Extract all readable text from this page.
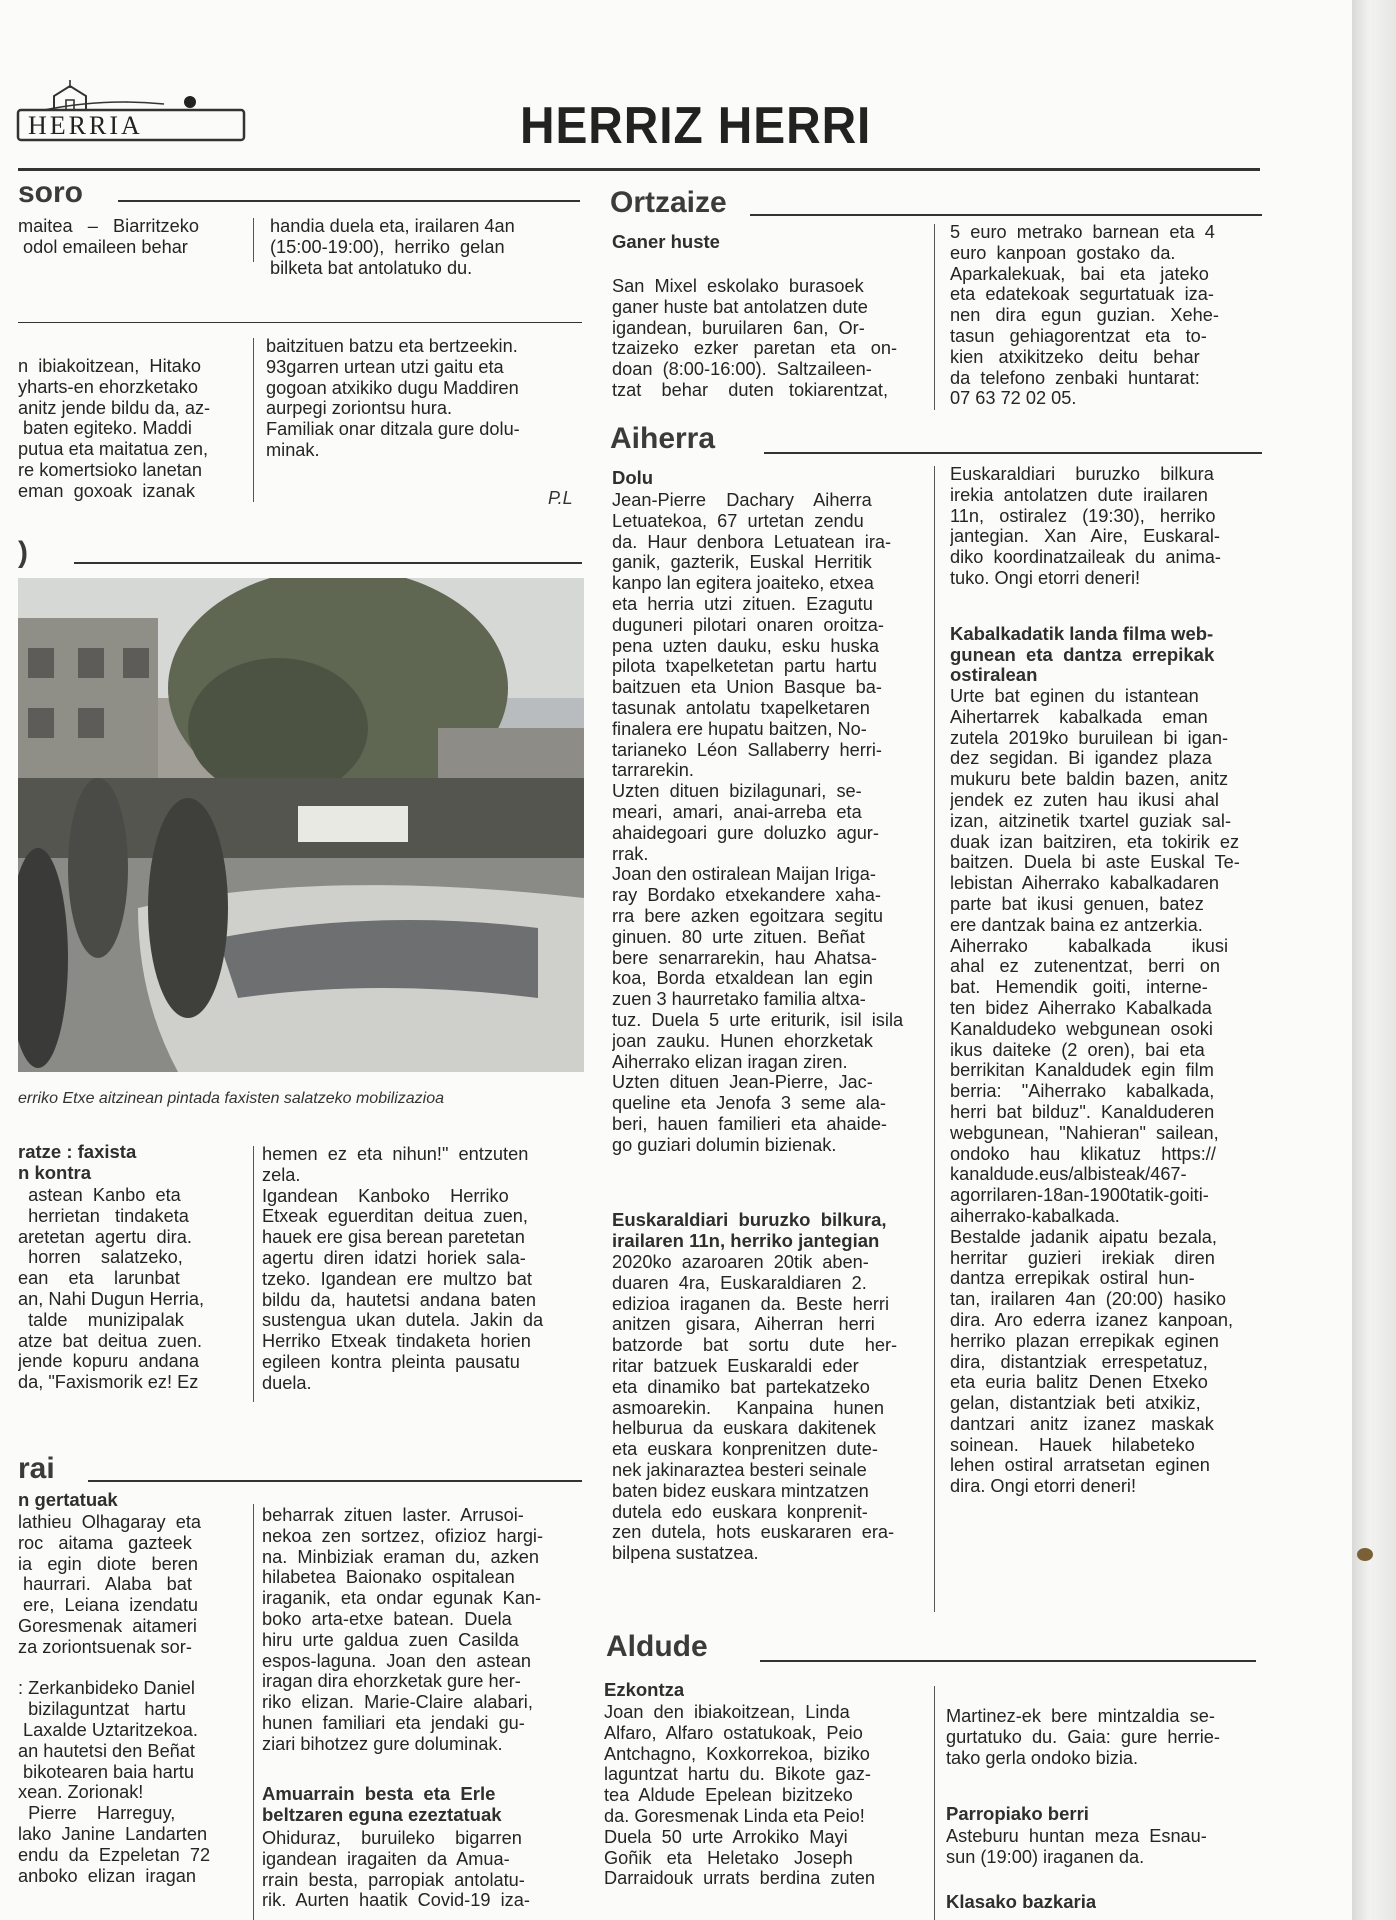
HERRIA	HERRIZ HERRI
soro
maitea   –   Biarritzeko
odol emaileen behar
handia duela eta, irailaren 4an
(15:00-19:00),  herriko  gelan
bilketa bat antolatuko du.
n  ibiakoitzean,  Hitako
yharts-en ehorzketako
anitz jende bildu da, az-
baten egiteko. Maddi
putua eta maitatua zen,
re komertsioko lanetan
eman  goxoak  izanak
baitzituen batzu eta bertzeekin.
93garren urtean utzi gaitu eta
gogoan atxikiko dugu Maddiren
aurpegi zoriontsu hura.
Familiak onar ditzala gure dolu-
minak.
P.L
)
erriko Etxe aitzinean pintada faxisten salatzeko mobilizazioa
ratze : faxista
n kontra
astean  Kanbo  eta
herrietan   tindaketa
aretetan  agertu  dira.
horren    salatzeko,
ean    eta    larunbat
an, Nahi Dugun Herria,
talde    munizipalak
atze  bat  deitua  zuen.
jende  kopuru  andana
da, "Faxismorik ez! Ez
hemen  ez  eta  nihun!"  entzuten
zela.
Igandean    Kanboko    Herriko
Etxeak  eguerditan  deitua  zuen,
hauek ere gisa berean paretetan
agertu  diren  idatzi  horiek  sala-
tzeko.  Igandean  ere  multzo  bat
bildu  da,  hautetsi  andana  baten
sustengua  ukan  dutela.  Jakin  da
Herriko  Etxeak  tindaketa  horien
egileen  kontra  pleinta  pausatu
duela.
rai
n gertatuak
lathieu  Olhagaray  eta
roc   aitama   gazteek
ia   egin   diote   beren
haurrari.   Alaba   bat
ere,  Leiana  izendatu
Goresmenak  aitameri
za zoriontsuenak sor-

: Zerkanbideko Daniel
bizilaguntzat   hartu
Laxalde Uztaritzekoa.
an hautetsi den Beñat
bikotearen baia hartu
xean. Zorionak!
Pierre    Harreguy,
lako  Janine  Landarten
endu  da  Ezpeletan  72
anboko  elizan  iragan
beharrak  zituen  laster.  Arrusoi-
nekoa  zen  sortzez,  ofizioz  hargi-
na.  Minbiziak  eraman  du,  azken
hilabetea  Baionako  ospitalean
iraganik,  eta  ondar  egunak  Kan-
boko  arta-etxe  batean.  Duela
hiru  urte  galdua  zuen  Casilda
espos-laguna.  Joan  den  astean
iragan dira ehorzketak gure her-
riko  elizan.  Marie-Claire  alabari,
hunen  familiari  eta  jendaki  gu-
ziari bihotzez gure doluminak.
Amuarrain  besta  eta  Erle
beltzaren eguna ezeztatuak
Ohiduraz,    buruileko    bigarren
igandean  iragaiten  da  Amua-
rrain  besta,  parropiak  antolatu-
rik.  Aurten  haatik  Covid-19  iza-
Ortzaize
Ganer huste
San  Mixel  eskolako  burasoek
ganer huste bat antolatzen dute
igandean,  buruilaren  6an,  Or-
tzaizeko   ezker   paretan   eta   on-
doan  (8:00-16:00).  Saltzaileen-
tzat    behar    duten   tokiarentzat,
5  euro  metrako  barnean  eta  4
euro  kanpoan  gostako  da.
Aparkalekuak,   bai   eta   jateko
eta  edatekoak  segurtatuak  iza-
nen   dira   egun   guzian.   Xehe-
tasun   gehiagorentzat   eta   to-
kien   atxikitzeko   deitu   behar
da  telefono  zenbaki  huntarat:
07 63 72 02 05.
Aiherra
Dolu
Jean-Pierre    Dachary    Aiherra
Letuatekoa,  67  urtetan  zendu
da.  Haur  denbora  Letuatean  ira-
ganik,  gazterik,  Euskal  Herritik
kanpo lan egitera joaiteko, etxea
eta  herria  utzi  zituen.  Ezagutu
dugunerі  pilotari  onaren  oroitza-
pena  uzten  dauku,  esku  huska
pilota  txapelketetan  partu  hartu
baitzuen  eta  Union  Basque  ba-
tasunak  antolatu  txapelketaren
finalera ere hupatu baitzen, No-
tarianeko  Léon  Sallaberry  herri-
tarrarekin.
Uzten  dituen  bizilagunari,  se-
meari,  amari,  anai-arreba  eta
ahaidegoari  gure  doluzko  agur-
rrak.
Joan den ostiralean Maijan Iriga-
ray  Bordako  etxekandere  xaha-
rra  bere  azken  egoitzara  segitu
ginuen.  80  urte  zituen.  Beñat
bere  senarrarekin,  hau  Ahatsa-
koa,  Borda  etxaldean  lan  egin
zuen 3 haurretako familia altxa-
tuz.  Duela  5  urte  eriturik,  isil  isila
joan  zauku.  Hunen  ehorzketak
Aiherrako elizan iragan ziren.
Uzten  dituen  Jean-Pierre,  Jac-
queline  eta  Jenofa  3  seme  ala-
beri,  hauen  familieri  eta  ahaide-
go guziari dolumin bizienak.
Euskaraldiari  buruzko  bilkura,
irailaren 11n, herriko jantegian
2020ko  azaroaren  20tik  aben-
duaren  4ra,  Euskaraldiaren  2.
edizioa  iraganen  da.  Beste  herri
anitzen   gisara,   Aiherran   herri
batzorde    bat    sortu    dute    her-
ritar  batzuek  Euskaraldi  eder
eta  dinamiko  bat  partekatzeko
asmoarekin.     Kanpaina    hunen
helburua  da  euskara  dakitenek
eta  euskara  konprenitzen  dute-
nek jakinarazteа besteri seinale
baten bidez euskara mintzatzen
dutela  edo  euskara  konprenit-
zen  dutela,  hots  euskararen  era-
bilpena sustatzea.
Euskaraldiari    buruzko    bilkura
irekia  antolatzen  dute  irailaren
11n,   ostiralez   (19:30),   herriko
jantegian.   Xan   Aire,   Euskaral-
diko  koordinatzaileak  du  anima-
tuko. Ongi etorri deneri!
Kabalkadatik landa filma web-
gunean  eta  dantza  errepikak
ostiralean
Urte  bat  eginen  du  istantean
Aihertarrek    kabalkada    eman
zutela  2019ko  buruilean  bi  igan-
dez  segidan.  Bi  igandez  plaza
mukuru  bete  baldin  bazen,  anitz
jendek  ez  zuten  hau  ikusi  ahal
izan,  aitzinetik  txartel  guziak  sal-
duak  izan  baitziren,  eta  tokirik  ez
baitzen.  Duela  bi  aste  Euskal  Te-
lebistan  Aiherrako  kabalkadaren
parte  bat  ikusi  genuen,  batez
ere dantzak baina ez antzerkia.
Aiherrako        kabalkada        ikusi
ahal   ez   zutenentzat,   berri   on
bat.   Hemendik   goiti,   interne-
ten  bidez  Aiherrako  Kabalkada
Kanaldudeko  webgunean  osoki
ikus  daiteke  (2  oren),  bai  eta
berrikitan  Kanaldudek  egin  film
berria:    "Aiherrako    kabalkada,
herri  bat  bilduz".  Kanalduderen
webgunean,  "Nahieran"  sailean,
ondoko    hau    klikatuz    https://
kanaldude.eus/albisteak/467-
agorrilaren-18an-1900tatik-goiti-
aiherrako-kabalkada.
Bestalde  jadanik  aipatu  bezala,
herritar    guzieri    irekiak    diren
dantza  errepikak  ostiral  hun-
tan,  irailaren  4an  (20:00)  hasiko
dira.  Aro  ederra  izanez  kanpoan,
herriko  plazan  errepikak  eginen
dira,   distantziak   errespetatuz,
eta  euria  balitz  Denen  Etxeko
gelan,  distantziak  beti  atxikiz,
dantzari   anitz   izanez   maskak
soinean.    Hauek    hilabeteko
lehen  ostiral  arratsetan  eginen
dira. Ongi etorri deneri!
Aldude
Ezkontza
Joan  den  ibiakoitzean,  Linda
Alfaro,  Alfaro  ostatukoak,  Peio
Antchagno,  Koxkorrekoa,  biziko
laguntzat  hartu  du.  Bikote  gaz-
tea  Aldude  Epelean  bizitzeko
da. Goresmenak Linda eta Peio!
Duela  50  urte  Arrokiko  Mayi
Goñik   eta   Heletako   Joseph
Darraidouk  urrats  berdina  zuten
Martinez-ek  bere  mintzaldia  se-
gurtatuko  du.  Gaia:  gure  herrie-
tako gerla ondoko bizia.
Parropiako berri
Asteburu  huntan  meza  Esnau-
sun (19:00) iraganen da.
Klasako bazkaria
